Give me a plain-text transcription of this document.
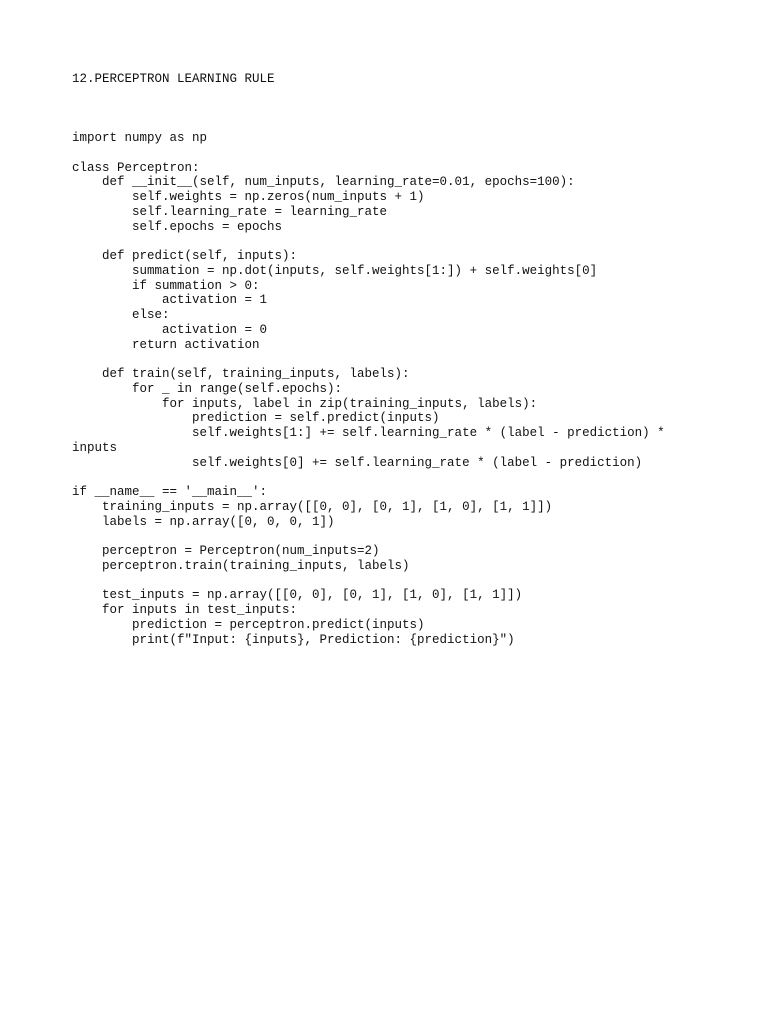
12.PERCEPTRON LEARNING RULE
import numpy as np
class Perceptron:
def __init__(self, num_inputs, learning_rate=0.01, epochs=100):
self.weights = np.zeros(num_inputs + 1)
self.learning_rate = learning_rate
self.epochs = epochs
def predict(self, inputs):
summation = np.dot(inputs, self.weights[1:]) + self.weights[0]
if summation > 0:
activation = 1
else:
activation = 0
return activation
def train(self, training_inputs, labels):
for _ in range(self.epochs):
for inputs, label in zip(training_inputs, labels):
prediction = self.predict(inputs)
self.weights[1:] += self.learning_rate * (label - prediction) *
inputs
self.weights[0] += self.learning_rate * (label - prediction)
if __name__ == '__main__':
training_inputs = np.array([[0, 0], [0, 1], [1, 0], [1, 1]])
labels = np.array([0, 0, 0, 1])
perceptron = Perceptron(num_inputs=2)
perceptron.train(training_inputs, labels)
test_inputs = np.array([[0, 0], [0, 1], [1, 0], [1, 1]])
for inputs in test_inputs:
prediction = perceptron.predict(inputs)
print(f"Input: {inputs}, Prediction: {prediction}")
